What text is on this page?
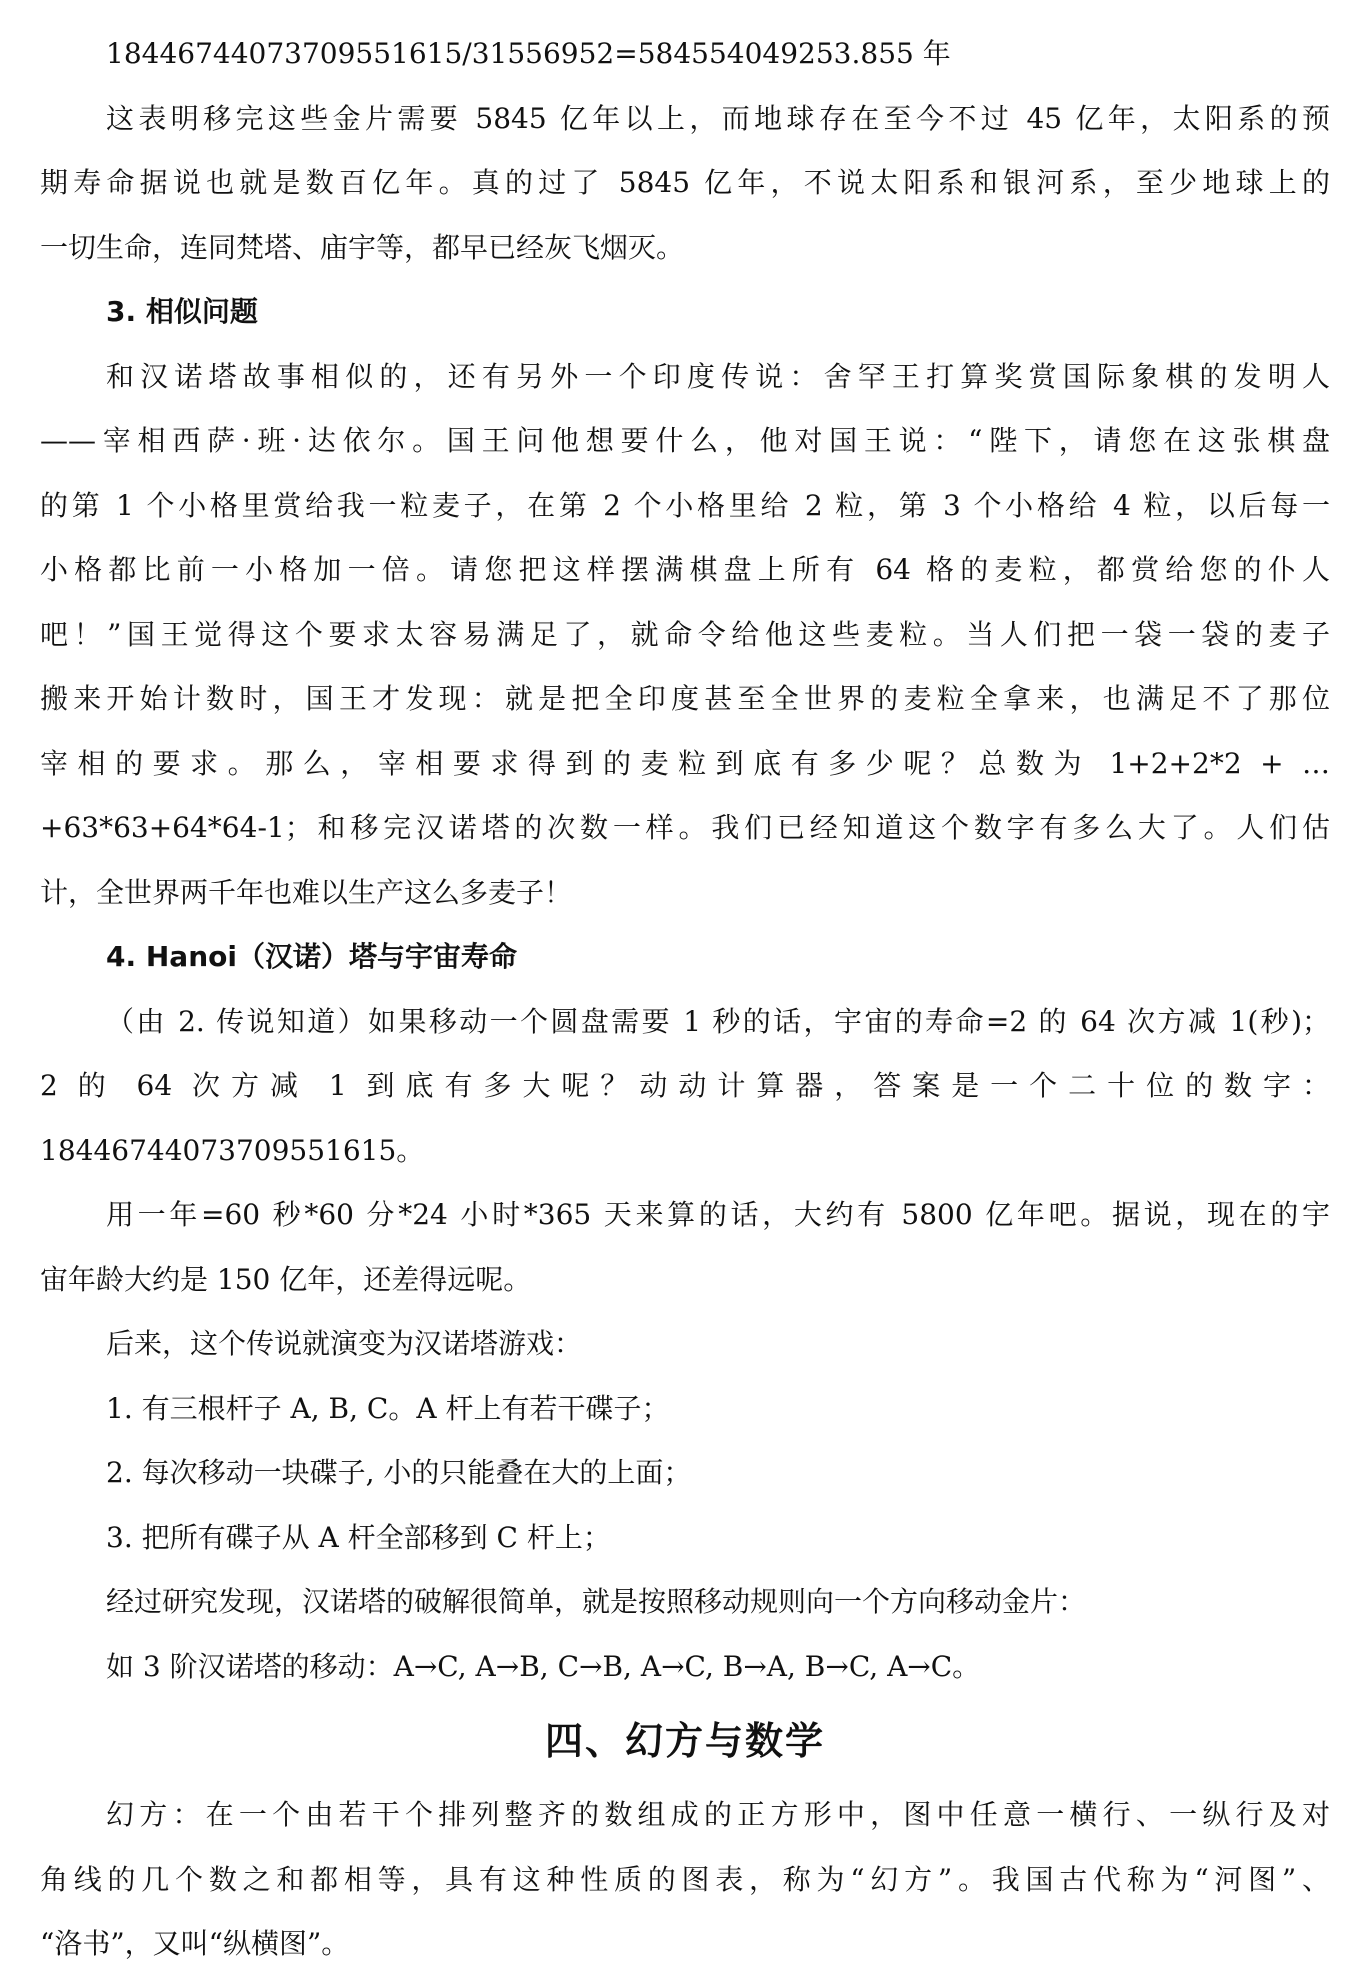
18446744073709551615/31556952=584554049253.855 年
这表明移完这些金片需要 5845 亿年以上，而地球存在至今不过 45 亿年，太阳系的预
期寿命据说也就是数百亿年。真的过了 5845 亿年，不说太阳系和银河系，至少地球上的
一切生命，连同梵塔、庙宇等，都早已经灰飞烟灭。
3. 相似问题
和汉诺塔故事相似的，还有另外一个印度传说：舍罕王打算奖赏国际象棋的发明人
——宰相西萨·班·达依尔。国王问他想要什么，他对国王说：“陛下，请您在这张棋盘
的第 1 个小格里赏给我一粒麦子，在第 2 个小格里给 2 粒，第 3 个小格给 4 粒，以后每一
小格都比前一小格加一倍。请您把这样摆满棋盘上所有 64 格的麦粒，都赏给您的仆人
吧！”国王觉得这个要求太容易满足了，就命令给他这些麦粒。当人们把一袋一袋的麦子
搬来开始计数时，国王才发现：就是把全印度甚至全世界的麦粒全拿来，也满足不了那位
宰相的要求。那么，宰相要求得到的麦粒到底有多少呢？总数为 1+2+2*2 + …
+63*63+64*64-1；和移完汉诺塔的次数一样。我们已经知道这个数字有多么大了。人们估
计，全世界两千年也难以生产这么多麦子！
4. Hanoi（汉诺）塔与宇宙寿命
（由 2. 传说知道）如果移动一个圆盘需要 1 秒的话，宇宙的寿命=2 的 64 次方减 1(秒)；
2 的 64 次方减 1 到底有多大呢？动动计算器，答案是一个二十位的数字：
18446744073709551615。
用一年=60 秒*60 分*24 小时*365 天来算的话，大约有 5800 亿年吧。据说，现在的宇
宙年龄大约是 150 亿年，还差得远呢。
后来，这个传说就演变为汉诺塔游戏：
1. 有三根杆子 A, B, C。A 杆上有若干碟子；
2. 每次移动一块碟子, 小的只能叠在大的上面；
3. 把所有碟子从 A 杆全部移到 C 杆上；
经过研究发现，汉诺塔的破解很简单，就是按照移动规则向一个方向移动金片：
如 3 阶汉诺塔的移动：A→C, A→B, C→B, A→C, B→A, B→C, A→C。
四、幻方与数学
幻方：在一个由若干个排列整齐的数组成的正方形中，图中任意一横行、一纵行及对
角线的几个数之和都相等，具有这种性质的图表，称为“幻方”。我国古代称为“河图”、
“洛书”，又叫“纵横图”。
